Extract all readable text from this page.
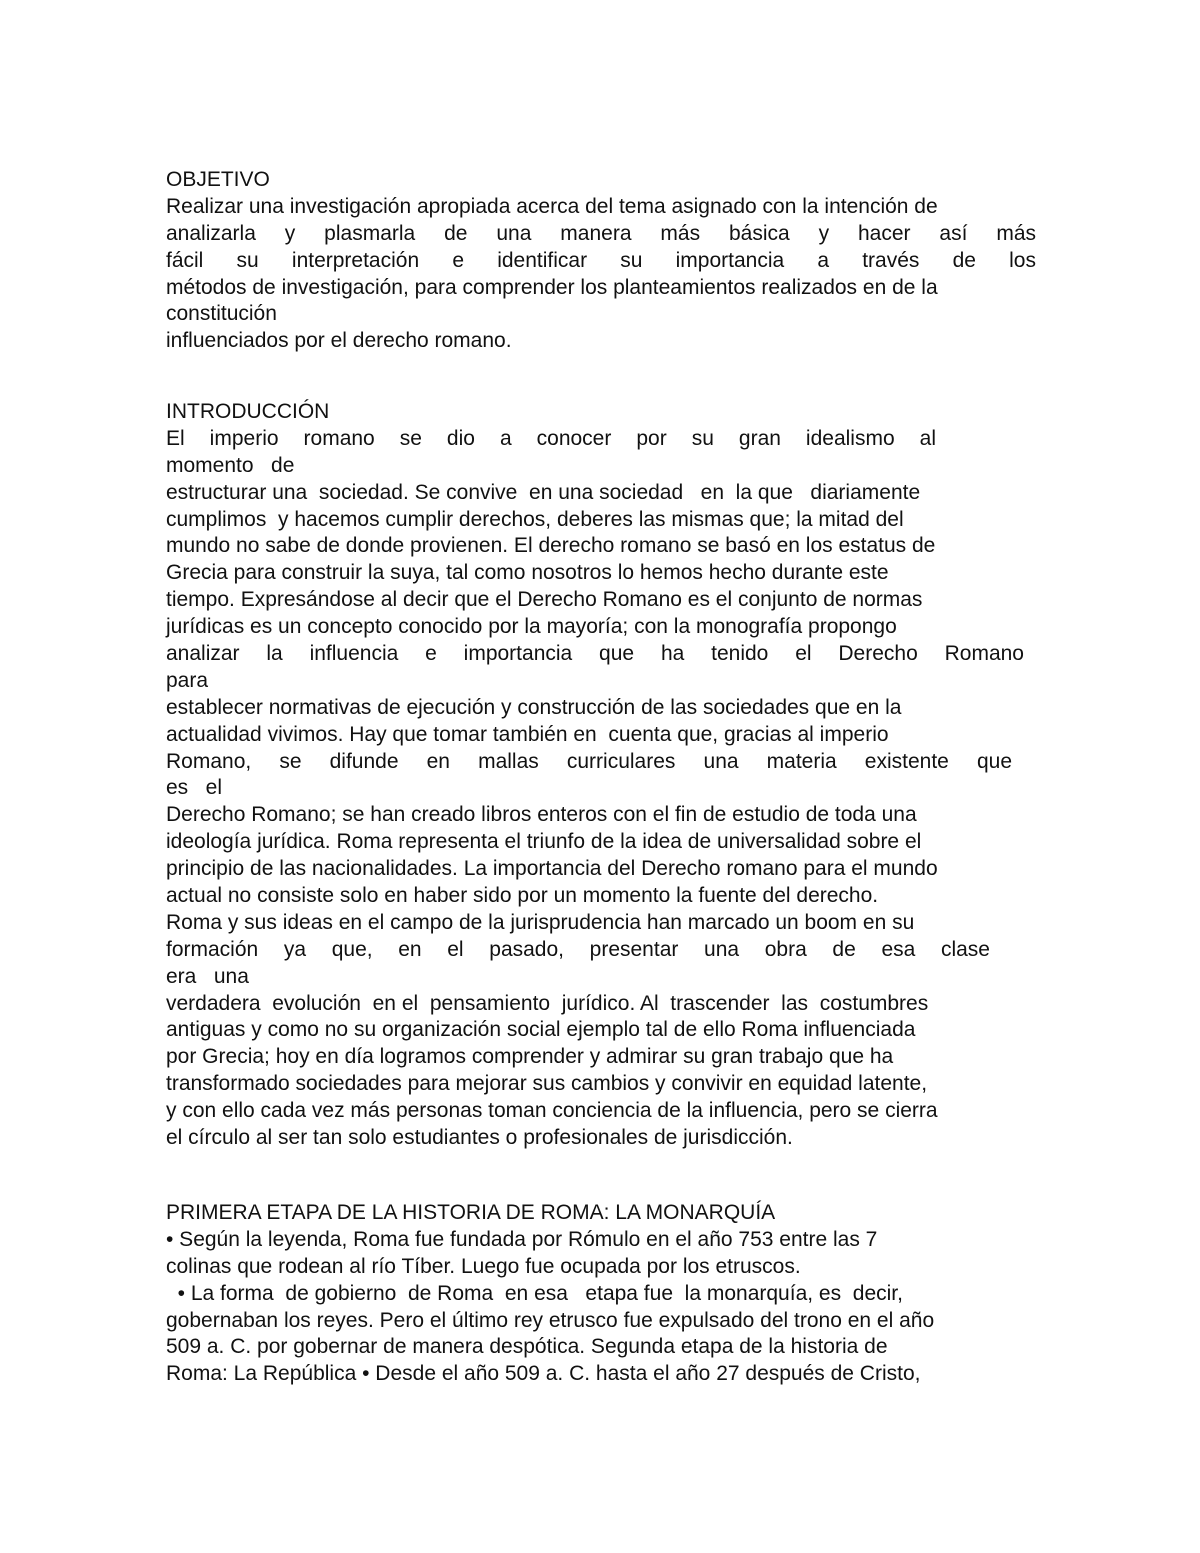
OBJETIVO
Realizar una investigación apropiada acerca del tema asignado con la intención de
analizarla y plasmarla de una manera más básica y hacer así más
fácil su interpretación e identificar su importancia a través de los
métodos de investigación, para comprender los planteamientos realizados en de la
constitución
influenciados por el derecho romano.
INTRODUCCIÓN
El imperio romano se dio a conocer por su gran idealismo al
momento   de
estructurar una  sociedad. Se convive  en una sociedad   en  la que   diariamente
cumplimos  y hacemos cumplir derechos, deberes las mismas que; la mitad del
mundo no sabe de donde provienen. El derecho romano se basó en los estatus de
Grecia para construir la suya, tal como nosotros lo hemos hecho durante este
tiempo. Expresándose al decir que el Derecho Romano es el conjunto de normas
jurídicas es un concepto conocido por la mayoría; con la monografía propongo
analizar la influencia e importancia que ha tenido el Derecho Romano
para
establecer normativas de ejecución y construcción de las sociedades que en la
actualidad vivimos. Hay que tomar también en  cuenta que, gracias al imperio
Romano, se difunde en mallas curriculares una materia existente que
es   el
Derecho Romano; se han creado libros enteros con el fin de estudio de toda una
ideología jurídica. Roma representa el triunfo de la idea de universalidad sobre el
principio de las nacionalidades. La importancia del Derecho romano para el mundo
actual no consiste solo en haber sido por un momento la fuente del derecho.
Roma y sus ideas en el campo de la jurisprudencia han marcado un boom en su
formación ya que, en el pasado, presentar una obra de esa clase
era   una
verdadera  evolución  en el  pensamiento  jurídico. Al  trascender  las  costumbres
antiguas y como no su organización social ejemplo tal de ello Roma influenciada
por Grecia; hoy en día logramos comprender y admirar su gran trabajo que ha
transformado sociedades para mejorar sus cambios y convivir en equidad latente,
y con ello cada vez más personas toman conciencia de la influencia, pero se cierra
el círculo al ser tan solo estudiantes o profesionales de jurisdicción.
PRIMERA ETAPA DE LA HISTORIA DE ROMA: LA MONARQUÍA
• Según la leyenda, Roma fue fundada por Rómulo en el año 753 entre las 7
colinas que rodean al río Tíber. Luego fue ocupada por los etruscos.
• La forma  de gobierno  de Roma  en esa   etapa fue  la monarquía, es  decir,
gobernaban los reyes. Pero el último rey etrusco fue expulsado del trono en el año
509 a. C. por gobernar de manera despótica. Segunda etapa de la historia de
Roma: La República • Desde el año 509 a. C. hasta el año 27 después de Cristo,
